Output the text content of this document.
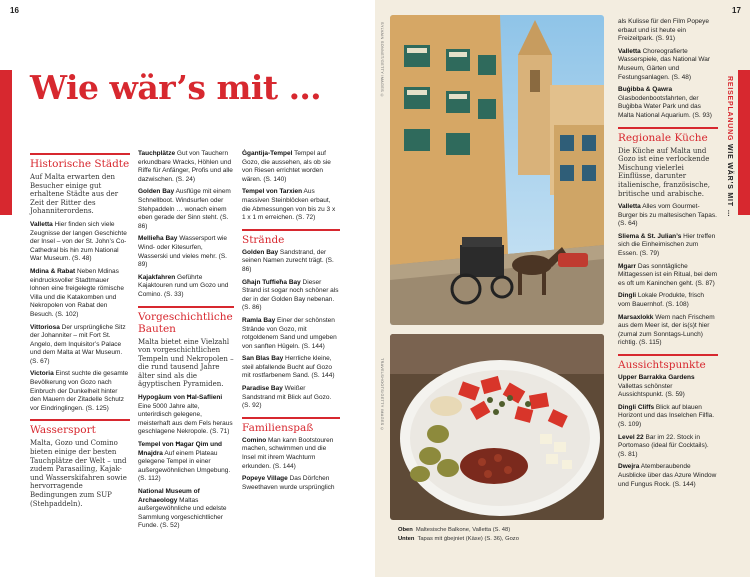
16
Wie wär’s mit …
Historische Städte

Auf Malta erwarten den Besucher einige gut erhaltene Städte aus der Zeit der Ritter des Johanniterordens.

Valletta Hier finden sich viele Zeugnisse der langen Geschichte der Insel – von der St. John’s Co-Cathedral bis hin zum National War Museum. (S. 48)

Mdina & Rabat Neben Mdinas eindrucksvoller Stadtmauer lohnen eine freigelegte römische Villa und die Katakomben und Nekropolen von Rabat den Besuch. (S. 102)

Vittoriosa Der ursprüngliche Sitz der Johanniter – mit Fort St. Angelo, dem Inquisitor’s Palace und dem Malta at War Museum. (S. 67)

Victoria Einst suchte die gesamte Bevölkerung von Gozo nach Einbruch der Dunkelheit hinter den Mauern der Zitadelle Schutz vor Eindringlingen. (S. 125)

Wassersport

Malta, Gozo und Comino bieten einige der besten Tauchplätze der Welt – und zudem Parasailing, Kajak- und Wasserskifahren sowie hervorragende Bedingungen zum SUP (Stehpaddeln).

Tauchplätze Gut von Tauchern erkundbare Wracks, Höhlen und Riffe für Anfänger, Profis und alle dazwischen. (S. 24)

Golden Bay Ausflüge mit einem Schnellboot. Windsurfen oder Stehpaddeln … wonach einem eben gerade der Sinn steht. (S. 86)

Mellieħa Bay Wassersport wie Wind- oder Kitesurfen, Wasserski und vieles mehr. (S. 89)

Kajakfahren Geführte Kajaktouren rund um Gozo und Comino. (S. 33)

Vorgeschichtliche Bauten

Malta bietet eine Vielzahl von vorgeschichtlichen Tempeln und Nekropolen – die rund tausend Jahre älter sind als die ägyptischen Pyramiden.

Hypogäum von Ħal-Saflieni Eine 5000 Jahre alte, unterirdisch gelegene, meisterhaft aus dem Fels heraus geschlagene Nekropole. (S. 71)

Tempel von Ħagar Qim und Mnajdra Auf einem Plateau gelegene Tempel in einer außergewöhnlichen Umgebung. (S. 112)

National Museum of Archaeology Maltas außergewöhnliche und edelste Sammlung vorgeschichtlicher Funde. (S. 52)

Ġgantija-Tempel Tempel auf Gozo, die aussehen, als ob sie von Riesen errichtet worden wären. (S. 140)

Tempel von Tarxien Aus massiven Steinblöcken erbaut, die Abmessungen von bis zu 3 x 1 x 1 m erreichen. (S. 72)

Strände

Golden Bay Sandstrand, der seinen Namen zurecht trägt. (S. 86)

Għajn Tuffieħa Bay Dieser Strand ist sogar noch schöner als der in der Golden Bay nebenan. (S. 86)

Ramla Bay Einer der schönsten Strände von Gozo, mit rotgoldenem Sand und umgeben von sanften Hügeln. (S. 144)

San Blas Bay Herrliche kleine, steil abfallende Bucht auf Gozo mit rostfarbenem Sand. (S. 144)

Paradise Bay Weißer Sandstrand mit Blick auf Gozo. (S. 92)

Familienspaß

Comino Man kann Bootstouren machen, schwimmen und die Insel mit ihrem Wachturm erkunden. (S. 144)

Popeye Village Das Dörfchen Sweethaven wurde ursprünglich

17
REISEPLANUNG WIE WÄR’S MIT …
SYLVAIN SONNET/GETTY IMAGES ©
TRAVELSHOOTS/GETTY IMAGES ©
Oben Maltesische Balkone, Valletta (S. 48)
Unten Tapas mit ġbejniet (Käse) (S. 36), Gozo

als Kulisse für den Film Popeye erbaut und ist heute ein Freizeitpark. (S. 91)

Valletta Choreografierte Wasserspiele, das National War Museum, Gärten und Festungsanlagen. (S. 48)

Buġibba & Qawra Glasbodenbootsfahrten, der Buġibba Water Park und das Malta National Aquarium. (S. 93)

Regionale Küche

Die Küche auf Malta und Gozo ist eine verlockende Mischung vielerlei Einflüsse, darunter italienische, französische, britische und arabische.

Valletta Alles vom Gourmet-Burger bis zu maltesischen Tapas. (S. 64)

Sliema & St. Julian’s Hier treffen sich die Einheimischen zum Essen. (S. 79)

Mgarr Das sonntägliche Mittagessen ist ein Ritual, bei dem es oft um Kaninchen geht. (S. 87)

Dingli Lokale Produkte, frisch vom Bauernhof. (S. 108)

Marsaxlokk Wem nach Frischem aus dem Meer ist, der is(s)t hier (zumal zum Sonntags-Lunch) richtig. (S. 115)

Aussichtspunkte

Upper Barrakka Gardens Vallettas schönster Aussichtspunkt. (S. 59)

Dingli Cliffs Blick auf blauen Horizont und das Inselchen Filfla. (S. 109)

Level 22 Bar im 22. Stock in Portomaso (ideal für Cocktails). (S. 81)

Dwejra Atemberaubende Ausblicke über das Azure Window und Fungus Rock. (S. 144)
